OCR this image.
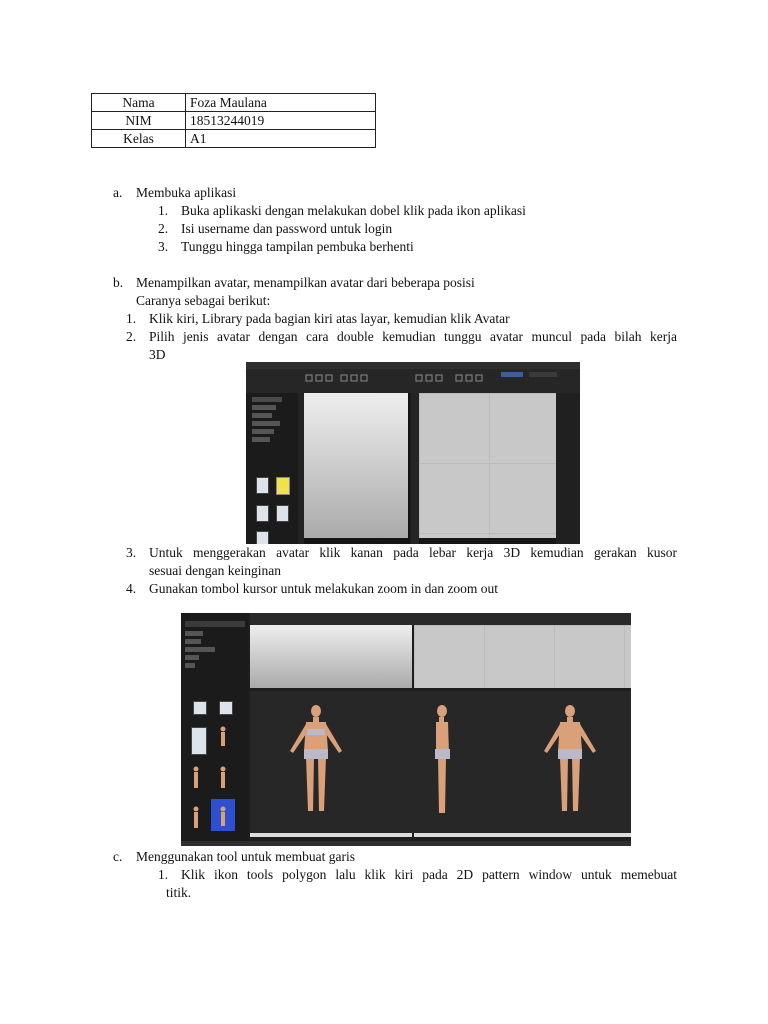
Nama	Foza Maulana
NIM	18513244019
Kelas	A1
a. Membuka aplikasi
1. Buka aplikaski dengan melakukan dobel klik pada ikon aplikasi
2. Isi username dan password untuk login
3. Tunggu hingga tampilan pembuka berhenti
b. Menampilkan avatar, menampilkan avatar dari beberapa posisi
Caranya sebagai berikut:
1. Klik kiri, Library pada bagian kiri atas layar, kemudian klik Avatar
2. Pilih jenis avatar dengan cara double kemudian tunggu avatar muncul pada bilah kerja
3D
3. Untuk menggerakan avatar klik kanan pada lebar kerja 3D kemudian gerakan kusor
sesuai dengan keinginan
4. Gunakan tombol kursor untuk melakukan zoom in dan zoom out
c. Menggunakan tool untuk membuat garis
1. Klik ikon tools polygon lalu klik kiri pada 2D pattern window untuk memebuat
titik.
